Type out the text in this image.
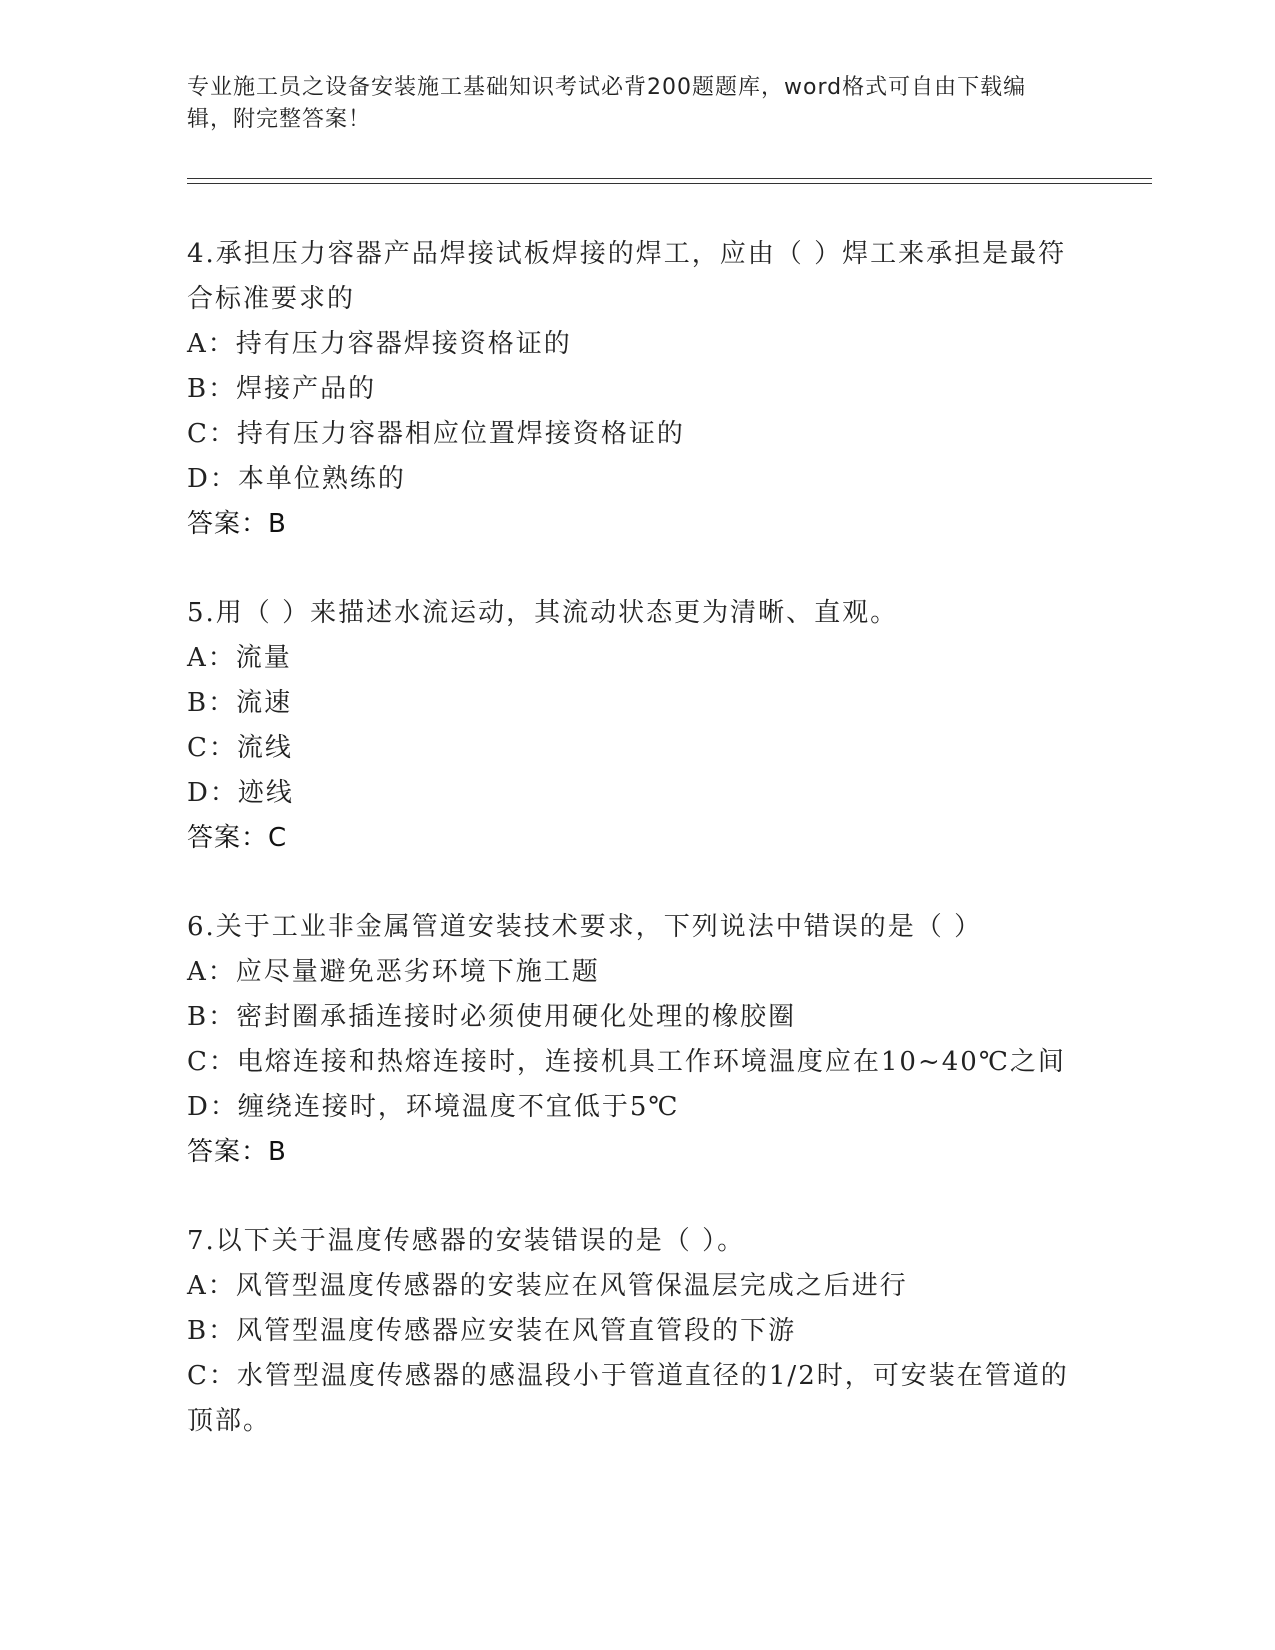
专业施工员之设备安装施工基础知识考试必背200题题库，word格式可自由下载编辑，附完整答案！

4.承担压力容器产品焊接试板焊接的焊工，应由（ ）焊工来承担是最符合标准要求的

A：持有压力容器焊接资格证的

B：焊接产品的

C：持有压力容器相应位置焊接资格证的

D：本单位熟练的

答案：B

5.用（ ）来描述水流运动，其流动状态更为清晰、直观。

A：流量

B：流速

C：流线

D：迹线

答案：C

6.关于工业非金属管道安装技术要求，下列说法中错误的是（ ）

A：应尽量避免恶劣环境下施工题

B：密封圈承插连接时必须使用硬化处理的橡胶圈

C：电熔连接和热熔连接时，连接机具工作环境温度应在10~40℃之间

D：缠绕连接时，环境温度不宜低于5℃

答案：B

7.以下关于温度传感器的安装错误的是（ ）。

A：风管型温度传感器的安装应在风管保温层完成之后进行

B：风管型温度传感器应安装在风管直管段的下游

C：水管型温度传感器的感温段小于管道直径的1/2时，可安装在管道的顶部。
